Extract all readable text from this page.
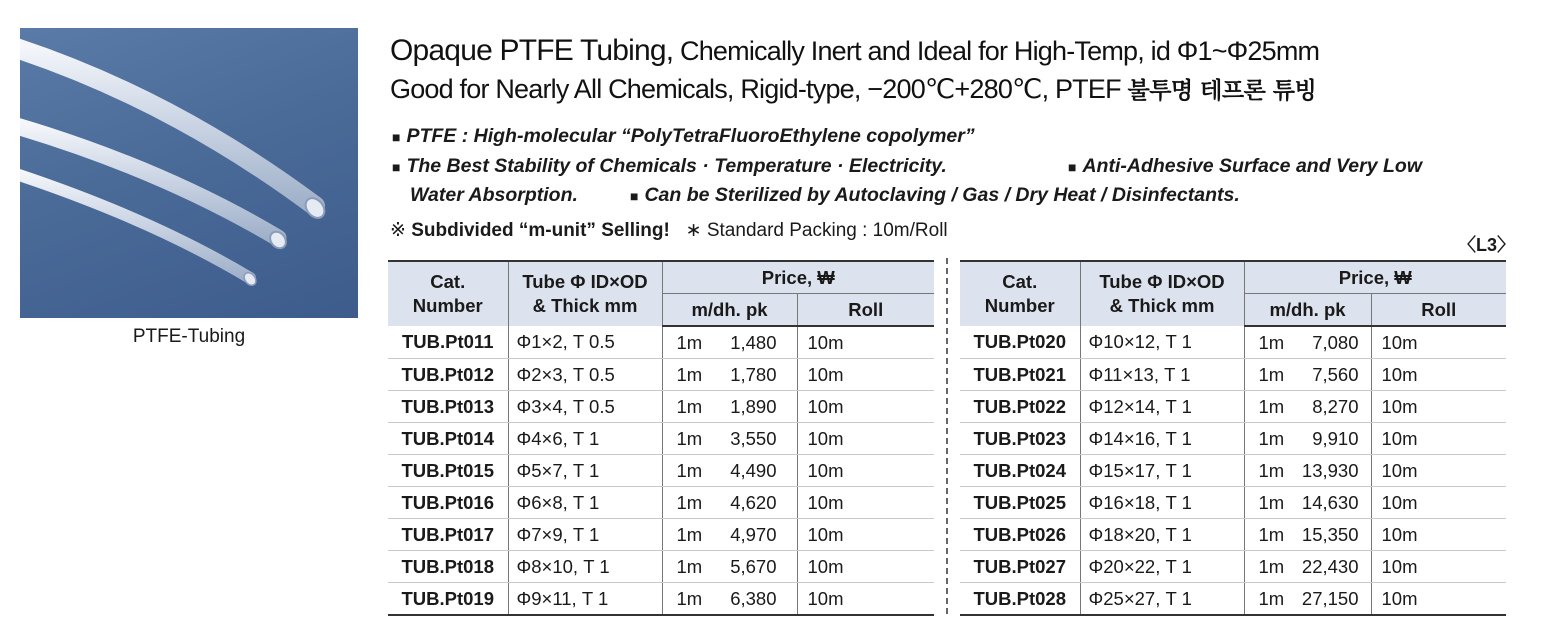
PTFE-Tubing
Opaque PTFE Tubing, Chemically Inert and Ideal for High-Temp, id Φ1~Φ25mm
Good for Nearly All Chemicals, Rigid-type, −200℃+280℃, PTEF 불투명 테프론 튜빙
■ PTFE : High-molecular “PolyTetraFluoroEthylene copolymer”
■ The Best Stability of Chemicals · Temperature · Electricity.	■ Anti-Adhesive Surface and Very Low
Water Absorption.	■ Can be Sterilized by Autoclaving / Gas / Dry Heat / Disinfectants.
※ Subdivided “m-unit” Selling! ∗ Standard Packing : 10m/Roll
〈L3〉
Cat.
Number	Tube Φ ID×OD
& Thick mm	Price, ₩	
		m/dh. pk	Roll
TUB.Pt011	Φ1×2, T 0.5	1m 1,480	10m
TUB.Pt012	Φ2×3, T 0.5	1m 1,780	10m
TUB.Pt013	Φ3×4, T 0.5	1m 1,890	10m
TUB.Pt014	Φ4×6, T 1	1m 3,550	10m
TUB.Pt015	Φ5×7, T 1	1m 4,490	10m
TUB.Pt016	Φ6×8, T 1	1m 4,620	10m
TUB.Pt017	Φ7×9, T 1	1m 4,970	10m
TUB.Pt018	Φ8×10, T 1	1m 5,670	10m
TUB.Pt019	Φ9×11, T 1	1m 6,380	10m
Cat.
Number	Tube Φ ID×OD
& Thick mm	Price, ₩	
		m/dh. pk	Roll
TUB.Pt020	Φ10×12, T 1	1m 7,080	10m
TUB.Pt021	Φ11×13, T 1	1m 7,560	10m
TUB.Pt022	Φ12×14, T 1	1m 8,270	10m
TUB.Pt023	Φ14×16, T 1	1m 9,910	10m
TUB.Pt024	Φ15×17, T 1	1m 13,930	10m
TUB.Pt025	Φ16×18, T 1	1m 14,630	10m
TUB.Pt026	Φ18×20, T 1	1m 15,350	10m
TUB.Pt027	Φ20×22, T 1	1m 22,430	10m
TUB.Pt028	Φ25×27, T 1	1m 27,150	10m
